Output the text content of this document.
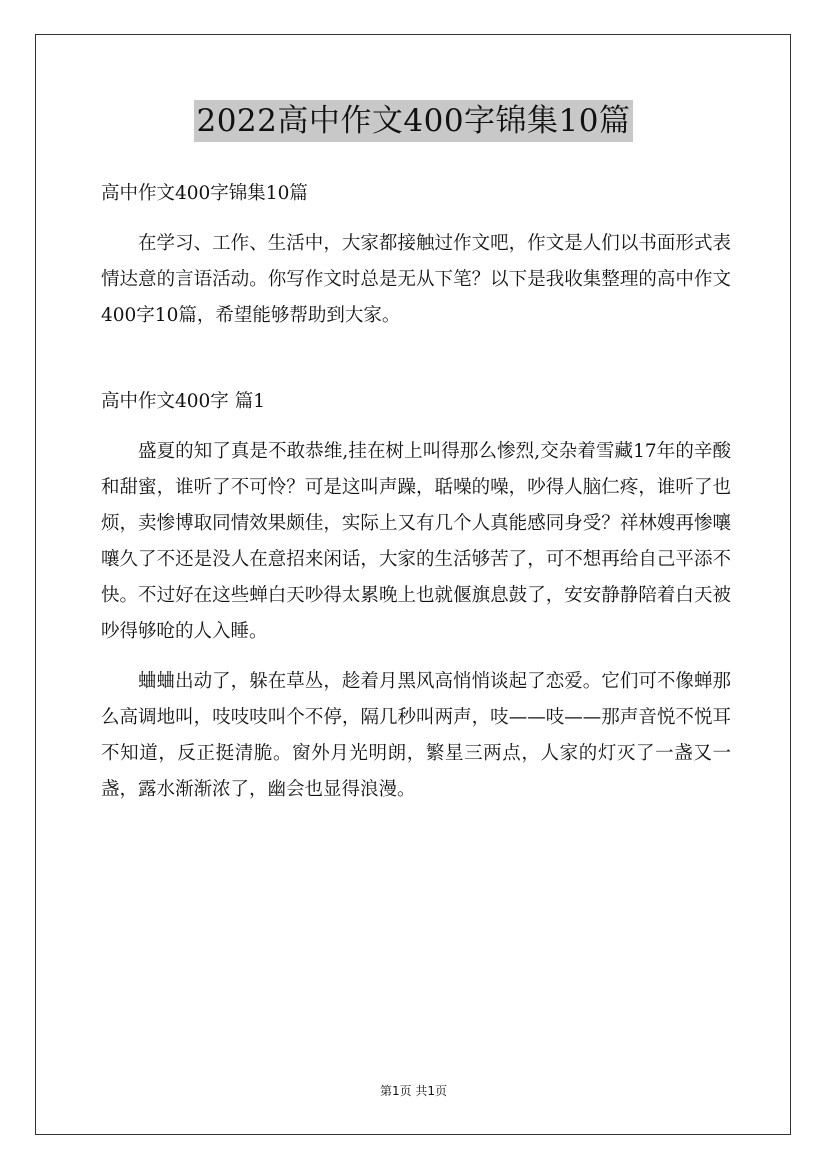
2022高中作文400字锦集10篇

高中作文400字锦集10篇

在学习、工作、生活中，大家都接触过作文吧，作文是人们以书面形式表情达意的言语活动。你写作文时总是无从下笔？以下是我收集整理的高中作文400字10篇，希望能够帮助到大家。

高中作文400字 篇1

盛夏的知了真是不敢恭维,挂在树上叫得那么惨烈,交杂着雪藏17年的辛酸和甜蜜，谁听了不可怜？可是这叫声躁，聒噪的噪，吵得人脑仁疼，谁听了也烦，卖惨博取同情效果颇佳，实际上又有几个人真能感同身受？祥林嫂再惨嚷嚷久了不还是没人在意招来闲话，大家的生活够苦了，可不想再给自己平添不快。不过好在这些蝉白天吵得太累晚上也就偃旗息鼓了，安安静静陪着白天被吵得够呛的人入睡。

蛐蛐出动了，躲在草丛，趁着月黑风高悄悄谈起了恋爱。它们可不像蝉那么高调地叫，吱吱吱叫个不停，隔几秒叫两声，吱——吱——那声音悦不悦耳不知道，反正挺清脆。窗外月光明朗，繁星三两点，人家的灯灭了一盏又一盏，露水渐渐浓了，幽会也显得浪漫。

第1页 共1页
